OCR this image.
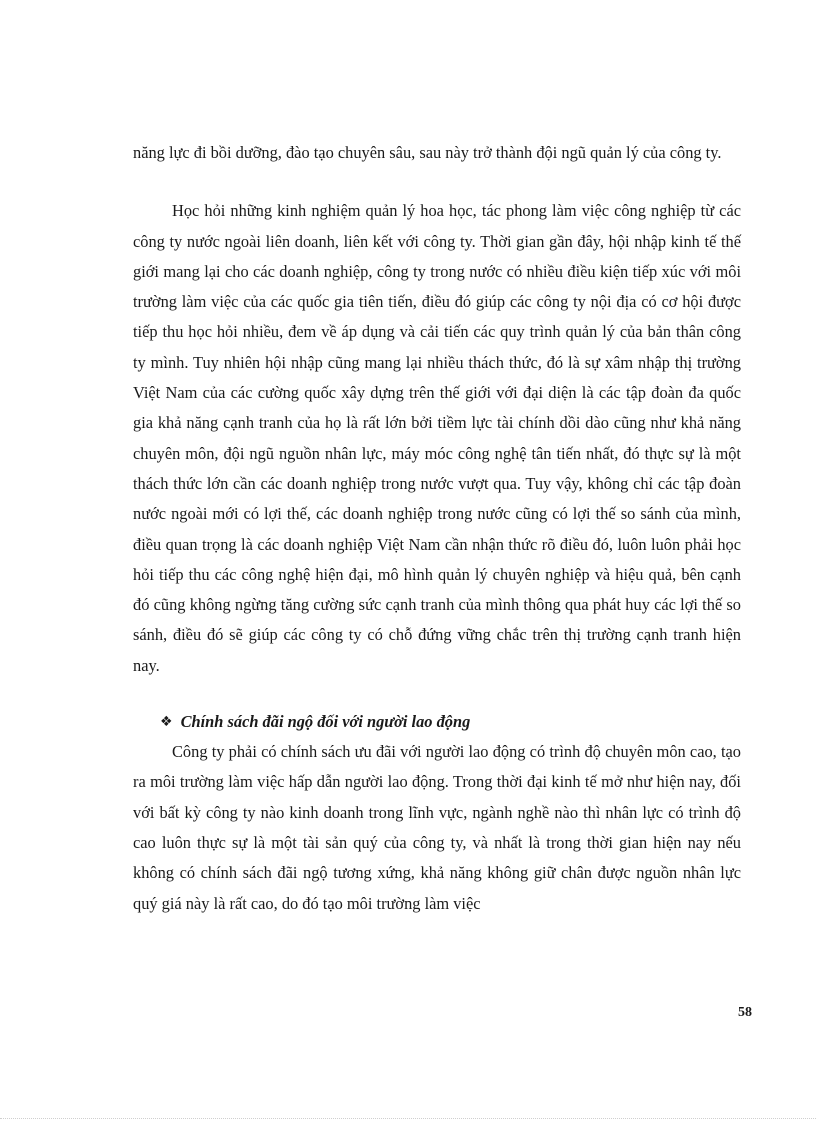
năng lực đi bồi dưỡng, đào tạo chuyên sâu, sau này trở thành đội ngũ quản lý của công ty.

Học hỏi những kinh nghiệm quản lý hoa học, tác phong làm việc công nghiệp từ các công ty nước ngoài liên doanh, liên kết với công ty. Thời gian gần đây, hội nhập kinh tế thế giới mang lại cho các doanh nghiệp, công ty trong nước có nhiều điều kiện tiếp xúc với môi trường làm việc của các quốc gia tiên tiến, điều đó giúp các công ty nội địa có cơ hội được tiếp thu học hỏi nhiều, đem về áp dụng và cải tiến các quy trình quản lý của bản thân công ty mình. Tuy nhiên hội nhập cũng mang lại nhiều thách thức, đó là sự xâm nhập thị trường Việt Nam của các cường quốc xây dựng trên thế giới với đại diện là các tập đoàn đa quốc gia khả năng cạnh tranh của họ là rất lớn bởi tiềm lực tài chính dồi dào cũng như khả năng chuyên môn, đội ngũ nguồn nhân lực, máy móc công nghệ tân tiến nhất, đó thực sự là một thách thức lớn cần các doanh nghiệp trong nước vượt qua. Tuy vậy, không chỉ các tập đoàn nước ngoài mới có lợi thế, các doanh nghiệp trong nước cũng có lợi thế so sánh của mình, điều quan trọng là các doanh nghiệp Việt Nam cần nhận thức rõ điều đó, luôn luôn phải học hỏi tiếp thu các công nghệ hiện đại, mô hình quản lý chuyên nghiệp và hiệu quả, bên cạnh đó cũng không ngừng tăng cường sức cạnh tranh của mình thông qua phát huy các lợi thế so sánh, điều đó sẽ giúp các công ty có chỗ đứng vững chắc trên thị trường cạnh tranh hiện nay.

❖ Chính sách đãi ngộ đối với người lao động

Công ty phải có chính sách ưu đãi với người lao động có trình độ chuyên môn cao, tạo ra môi trường làm việc hấp dẫn người lao động. Trong thời đại kinh tế mở như hiện nay, đối với bất kỳ công ty nào kinh doanh trong lĩnh vực, ngành nghề nào thì nhân lực có trình độ cao luôn thực sự là một tài sản quý của công ty, và nhất là trong thời gian hiện nay nếu không có chính sách đãi ngộ tương xứng, khả năng không giữ chân được nguồn nhân lực quý giá này là rất cao, do đó tạo môi trường làm việc

58
